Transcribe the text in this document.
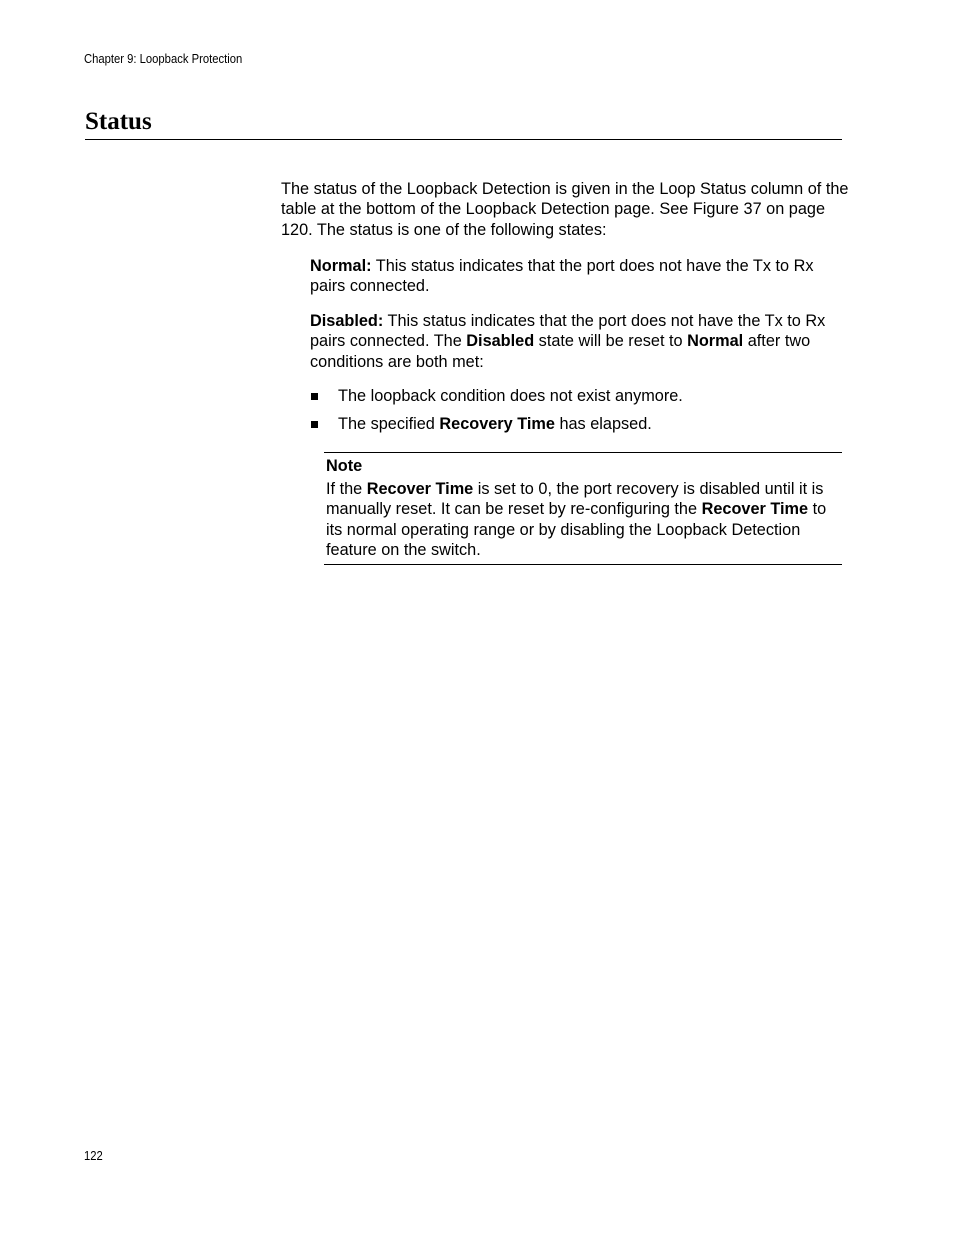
Chapter 9: Loopback Protection
Status

The status of the Loopback Detection is given in the Loop Status column of the table at the bottom of the Loopback Detection page. See Figure 37 on page 120. The status is one of the following states:

Normal: This status indicates that the port does not have the Tx to Rx pairs connected.

Disabled: This status indicates that the port does not have the Tx to Rx pairs connected. The Disabled state will be reset to Normal after two conditions are both met:

The loopback condition does not exist anymore.
The specified Recovery Time has elapsed.
Note

If the Recover Time is set to 0, the port recovery is disabled until it is manually reset. It can be reset by re-configuring the Recover Time to its normal operating range or by disabling the Loopback Detection feature on the switch.

122
